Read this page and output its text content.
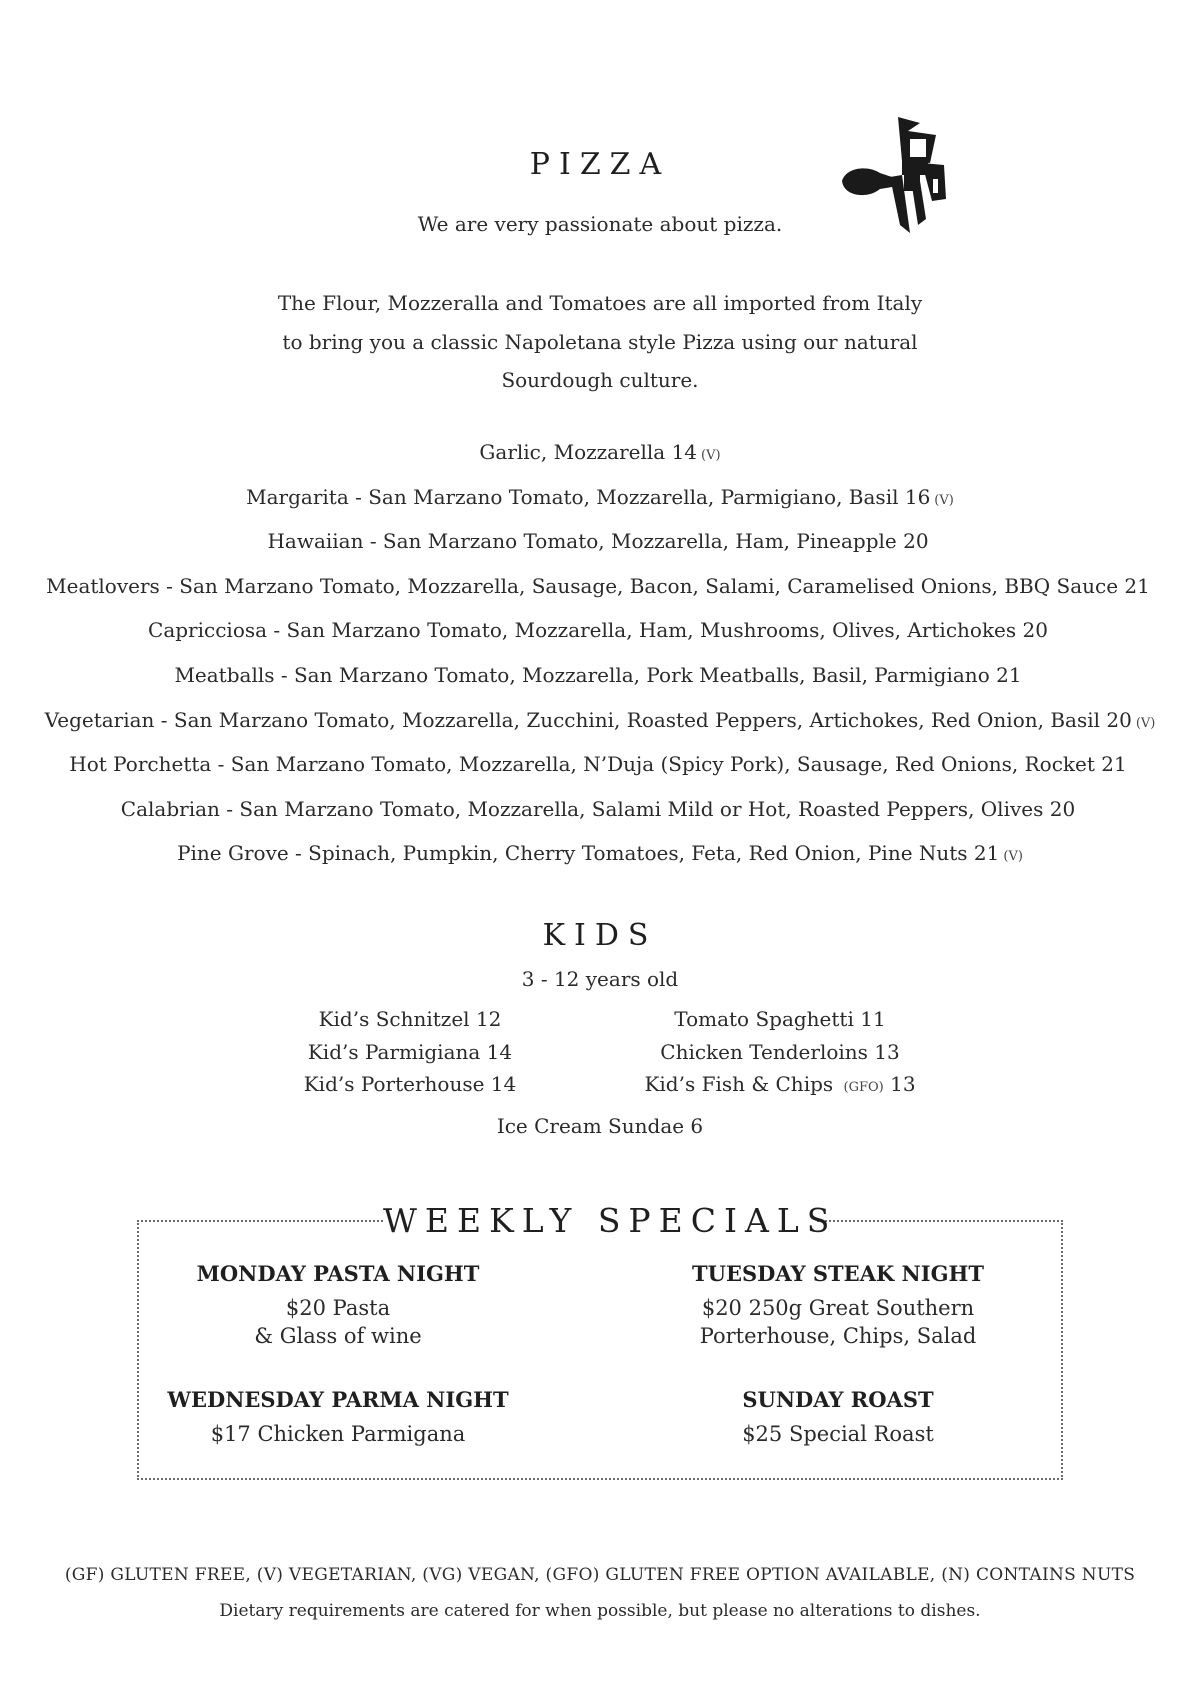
PIZZA
We are very passionate about pizza.
The Flour, Mozzeralla and Tomatoes are all imported from Italy
to bring you a classic Napoletana style Pizza using our natural
Sourdough culture.
Garlic, Mozzarella 14 (V)
Margarita - San Marzano Tomato, Mozzarella, Parmigiano, Basil 16 (V)
Hawaiian - San Marzano Tomato, Mozzarella, Ham, Pineapple 20
Meatlovers - San Marzano Tomato, Mozzarella, Sausage, Bacon, Salami, Caramelised Onions, BBQ Sauce 21
Capricciosa - San Marzano Tomato, Mozzarella, Ham, Mushrooms, Olives, Artichokes 20
Meatballs - San Marzano Tomato, Mozzarella, Pork Meatballs, Basil, Parmigiano 21
Vegetarian - San Marzano Tomato, Mozzarella, Zucchini, Roasted Peppers, Artichokes, Red Onion, Basil 20 (V)
Hot Porchetta - San Marzano Tomato, Mozzarella, N’Duja (Spicy Pork), Sausage, Red Onions, Rocket 21
Calabrian - San Marzano Tomato, Mozzarella, Salami Mild or Hot, Roasted Peppers, Olives 20
Pine Grove - Spinach, Pumpkin, Cherry Tomatoes, Feta, Red Onion, Pine Nuts 21 (V)
KIDS
3 - 12 years old
Kid’s Schnitzel 12
Kid’s Parmigiana 14
Kid’s Porterhouse 14
Tomato Spaghetti 11
Chicken Tenderloins 13
Kid’s Fish & Chips (GFO) 13
Ice Cream Sundae 6
WEEKLY SPECIALS
MONDAY PASTA NIGHT
$20 Pasta
& Glass of wine
TUESDAY STEAK NIGHT
$20 250g Great Southern
Porterhouse, Chips, Salad
WEDNESDAY PARMA NIGHT
$17 Chicken Parmigana
SUNDAY ROAST
$25 Special Roast
(GF) GLUTEN FREE, (V) VEGETARIAN, (VG) VEGAN, (GFO) GLUTEN FREE OPTION AVAILABLE, (N) CONTAINS NUTS
Dietary requirements are catered for when possible, but please no alterations to dishes.
